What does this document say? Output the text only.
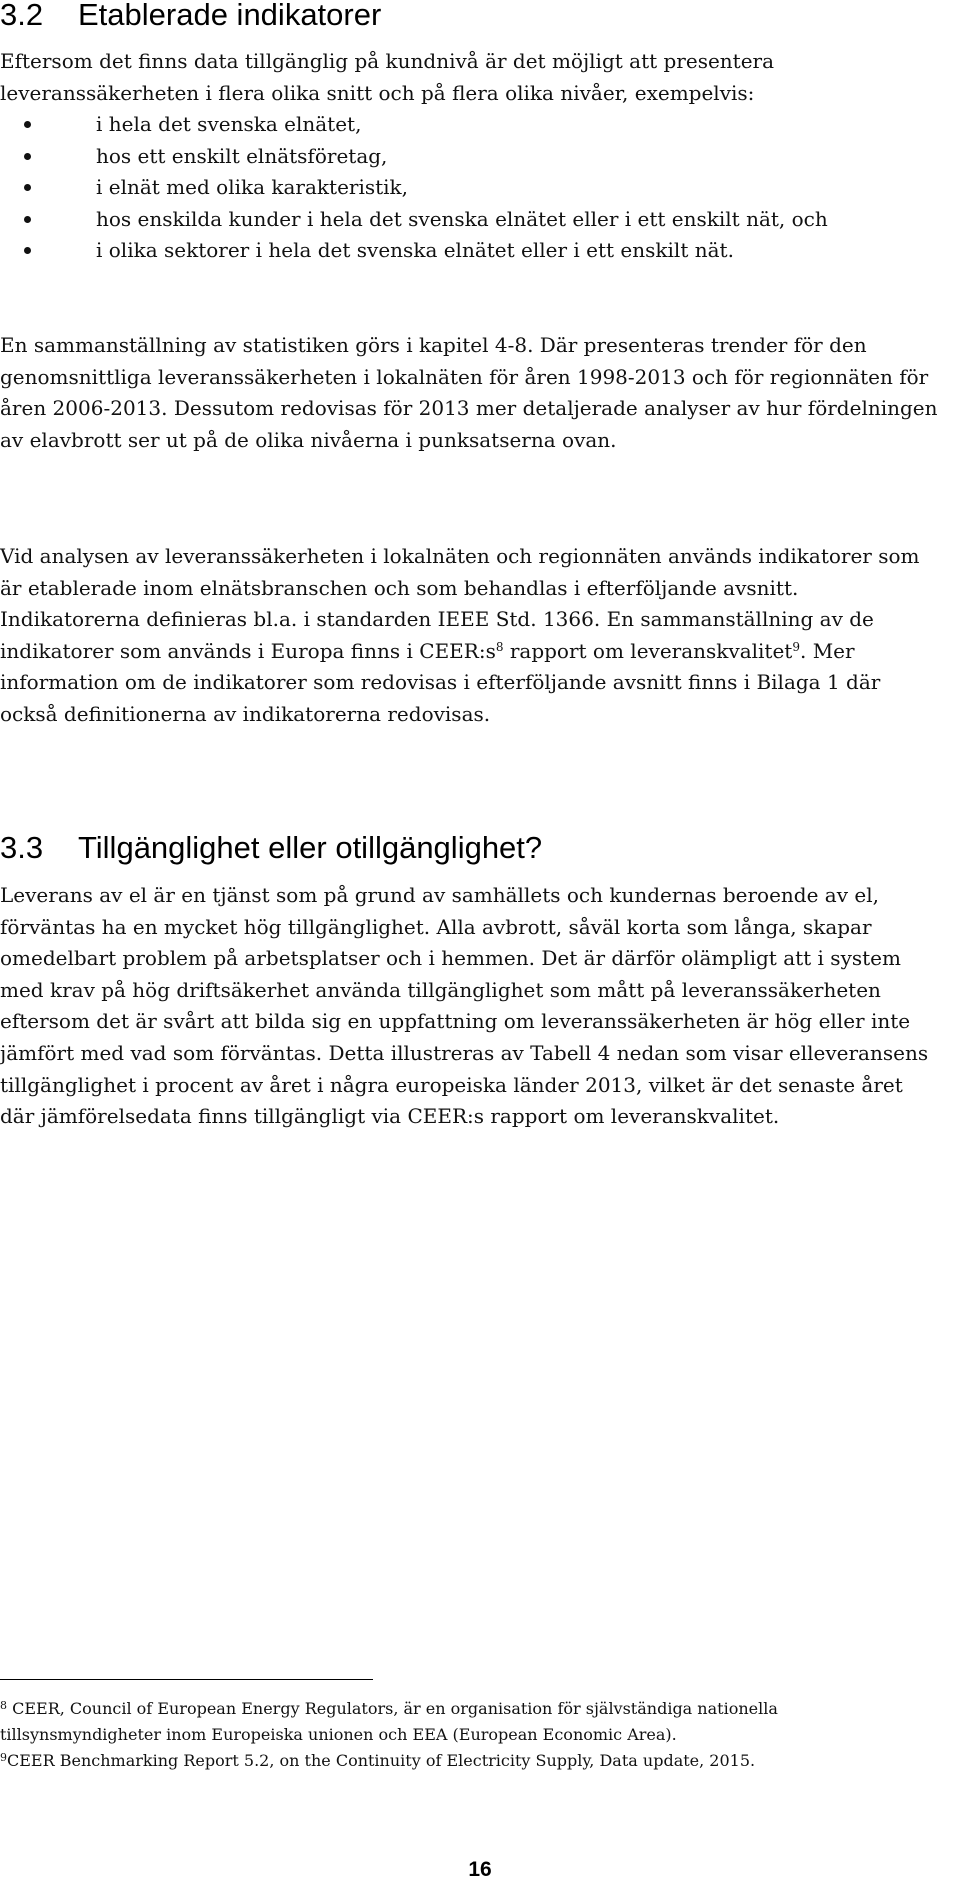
3.2 Etablerade indikatorer

Eftersom det finns data tillgänglig på kundnivå är det möjligt att presentera leveranssäkerheten i flera olika snitt och på flera olika nivåer, exempelvis:

i hela det svenska elnätet,
hos ett enskilt elnätsföretag,
i elnät med olika karakteristik,
hos enskilda kunder i hela det svenska elnätet eller i ett enskilt nät, och
i olika sektorer i hela det svenska elnätet eller i ett enskilt nät.

En sammanställning av statistiken görs i kapitel 4-8. Där presenteras trender för den genomsnittliga leveranssäkerheten i lokalnäten för åren 1998-2013 och för regionnäten för åren 2006-2013. Dessutom redovisas för 2013 mer detaljerade analyser av hur fördelningen av elavbrott ser ut på de olika nivåerna i punksatserna ovan.

Vid analysen av leveranssäkerheten i lokalnäten och regionnäten används indikatorer som är etablerade inom elnätsbranschen och som behandlas i efterföljande avsnitt. Indikatorerna definieras bl.a. i standarden IEEE Std. 1366. En sammanställning av de indikatorer som används i Europa finns i $CEER:s^8$ rapport om leveranskvalitet$^9$. Mer information om de indikatorer som redovisas i efterföljande avsnitt finns i Bilaga 1 där också definitionerna av indikatorerna redovisas.

3.3 Tillgänglighet eller otillgänglighet?

Leverans av el är en tjänst som på grund av samhällets och kundernas beroende av el, förväntas ha en mycket hög tillgänglighet. Alla avbrott, såväl korta som långa, skapar omedelbart problem på arbetsplatser och i hemmen. Det är därför olämpligt att i system med krav på hög driftsäkerhet använda tillgänglighet som mått på leveranssäkerheten eftersom det är svårt att bilda sig en uppfattning om leveranssäkerheten är hög eller inte jämfört med vad som förväntas. Detta illustreras av Tabell 4 nedan som visar elleveransens tillgänglighet i procent av året i några europeiska länder 2013, vilket är det senaste året där jämförelsedata finns tillgängligt via CEER:s rapport om leveranskvalitet.

$^8$ CEER, Council of European Energy Regulators, är en organisation för självständiga nationella tillsynsmyndigheter inom Europeiska unionen och EEA (European Economic Area).

$^9$CEER Benchmarking Report 5.2, on the Continuity of Electricity Supply, Data update, 2015.

16
